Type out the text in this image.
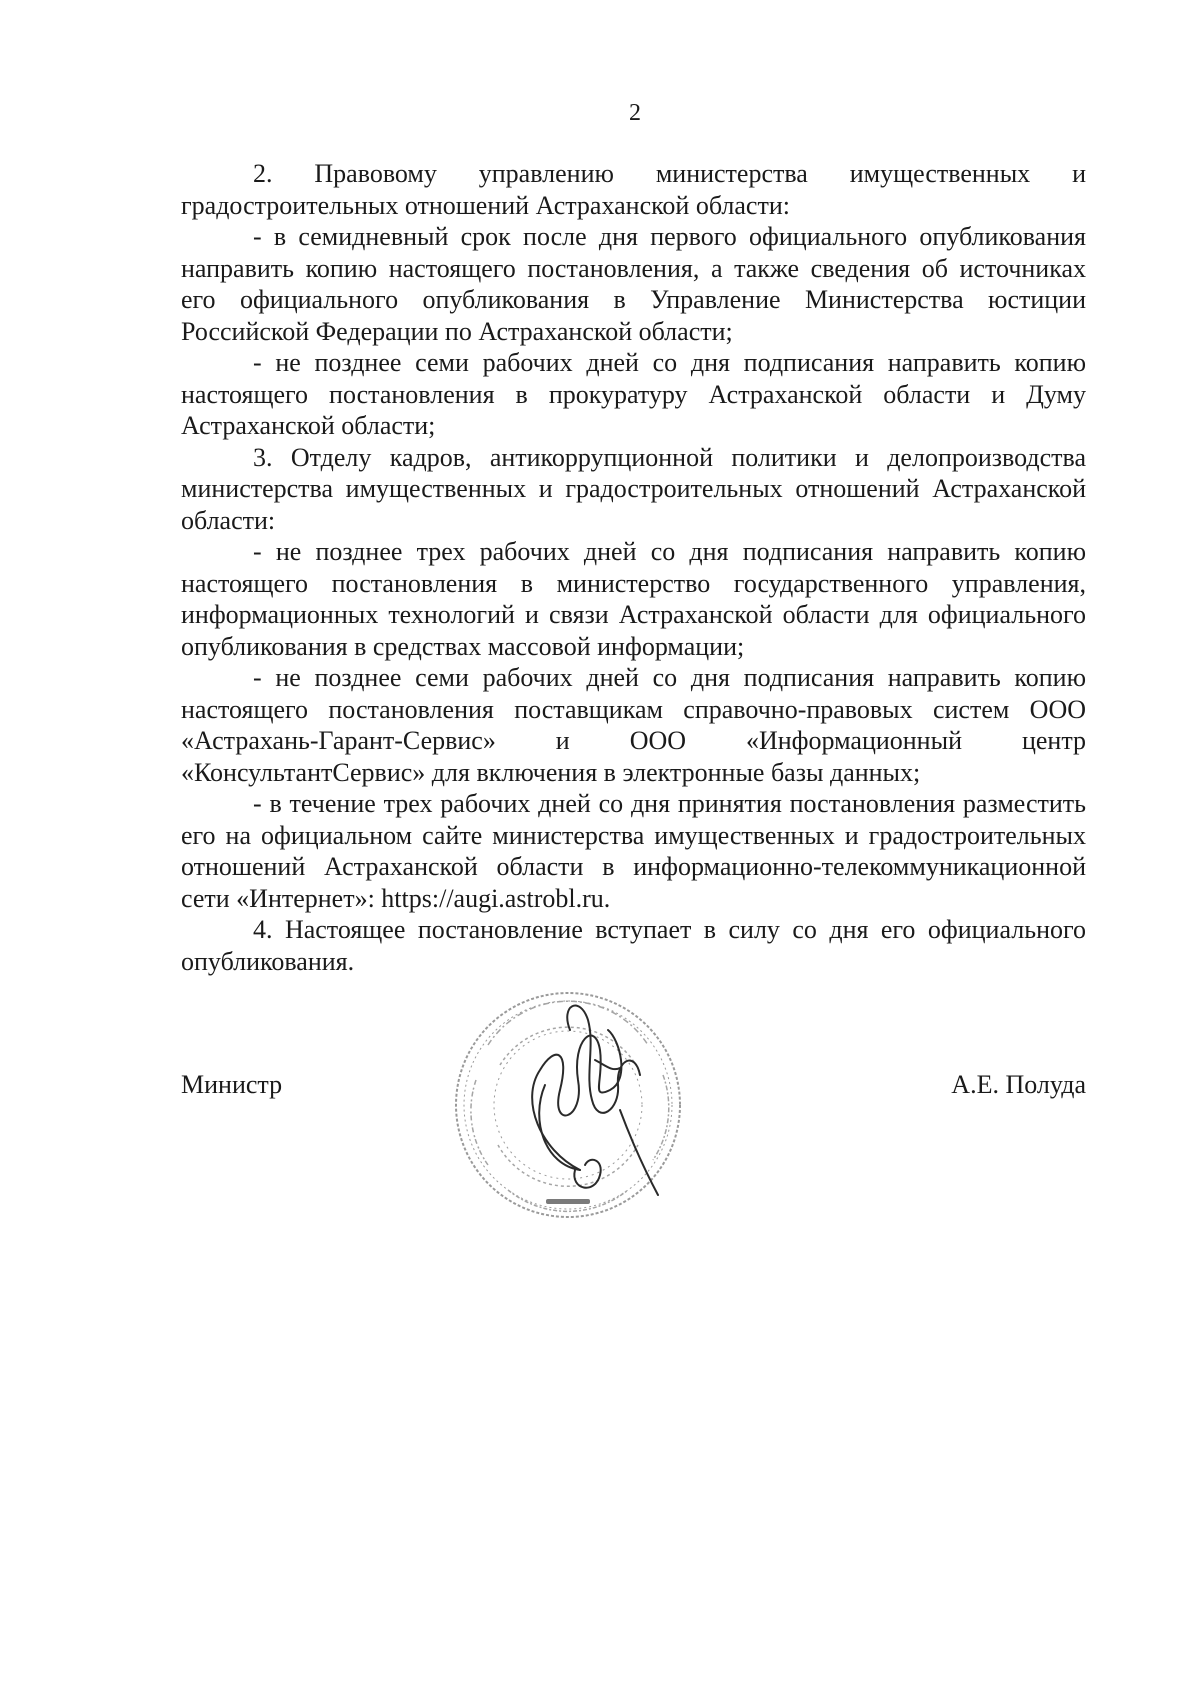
2

2. Правовому управлению министерства имущественных и градостроительных отношений Астраханской области:

- в семидневный срок после дня первого официального опубликования направить копию настоящего постановления, а также сведения об источниках его официального опубликования в Управление Министерства юстиции Российской Федерации по Астраханской области;

- не позднее семи рабочих дней со дня подписания направить копию настоящего постановления в прокуратуру Астраханской области и Думу Астраханской области;

3. Отделу кадров, антикоррупционной политики и делопроизводства министерства имущественных и градостроительных отношений Астраханской области:

- не позднее трех рабочих дней со дня подписания направить копию настоящего постановления в министерство государственного управления, информационных технологий и связи Астраханской области для официального опубликования в средствах массовой информации;

- не позднее семи рабочих дней со дня подписания направить копию настоящего постановления поставщикам справочно-правовых систем ООО «Астрахань-Гарант-Сервис» и ООО «Информационный центр «КонсультантСервис» для включения в электронные базы данных;

- в течение трех рабочих дней со дня принятия постановления разместить его на официальном сайте министерства имущественных и градостроительных отношений Астраханской области в информационно-телекоммуникационной сети «Интернет»: https://augi.astrobl.ru.

4. Настоящее постановление вступает в силу со дня его официального опубликования.

Министр	А.Е. Полуда
